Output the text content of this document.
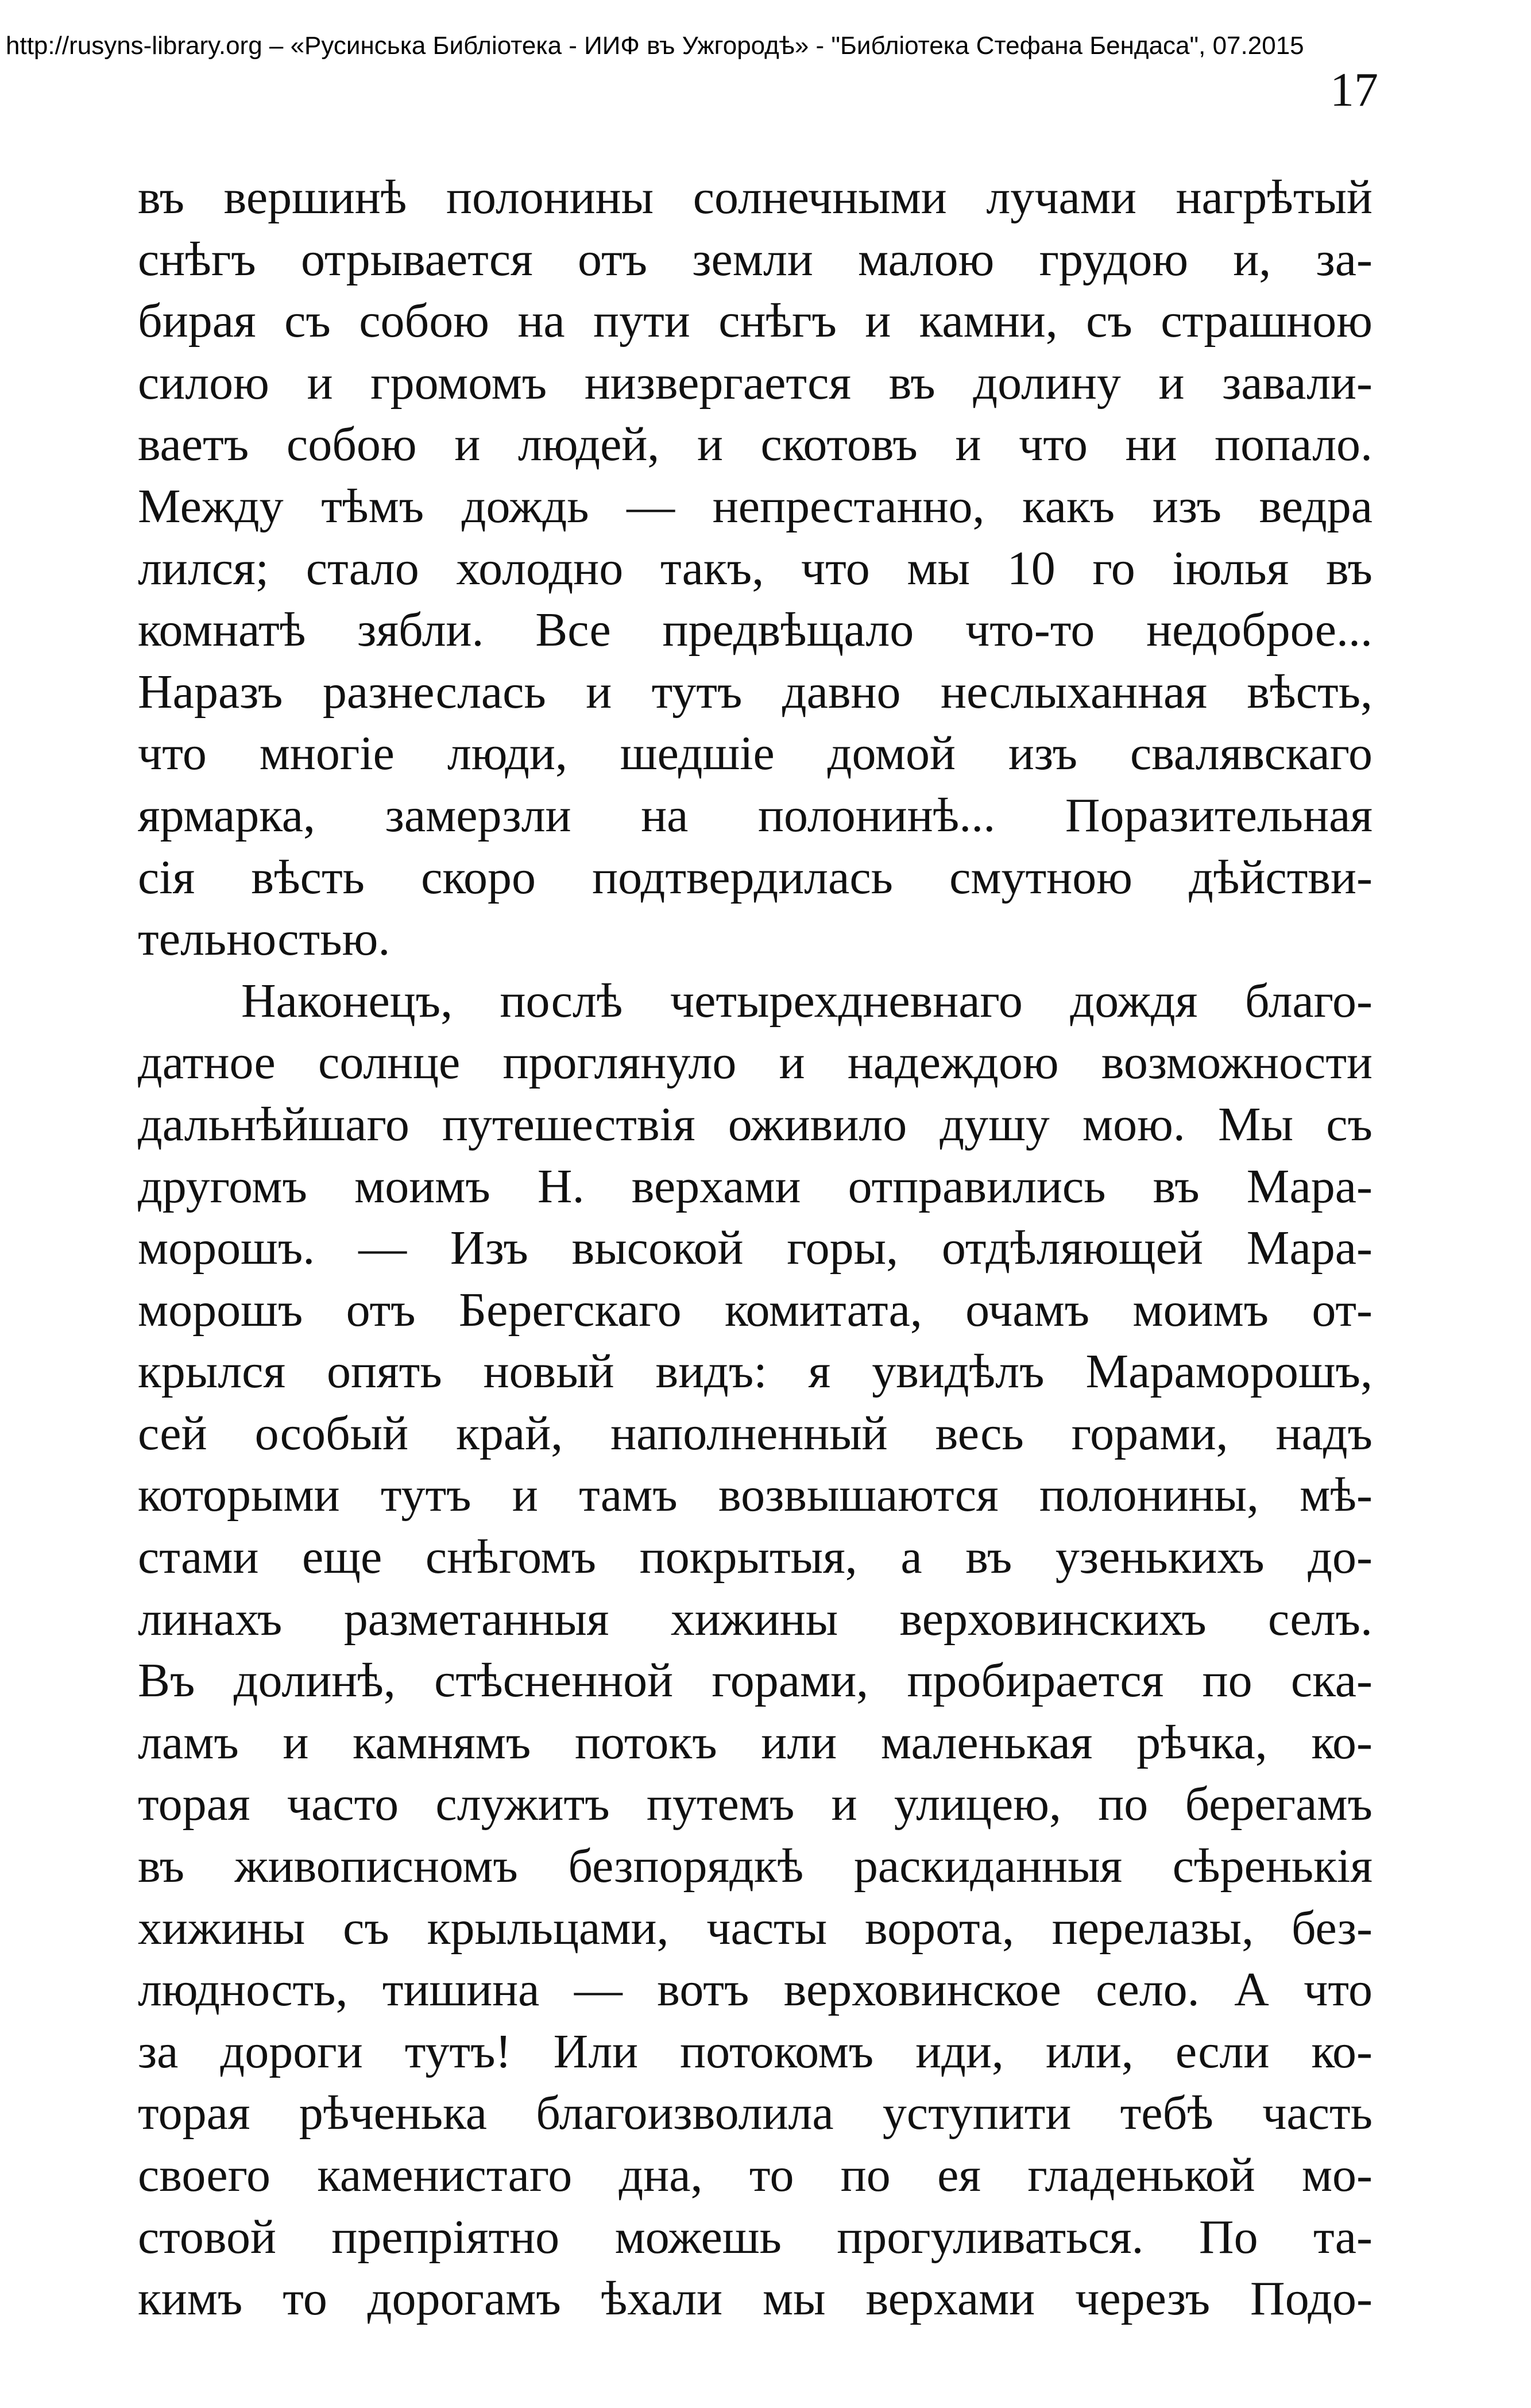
http://rusyns-library.org – «Русинська Библіотека - ИИФ въ Ужгородѣ» - "Библіотека Стефана Бендаса", 07.2015
17
въ вершинѣ полонины солнечными лучами нагрѣтый
снѣгъ отрывается отъ земли малою грудою и, за-
бирая съ собою на пути снѣгъ и камни, съ страшною
силою и громомъ низвергается въ долину и завали-
ваетъ собою и людей, и скотовъ и что ни попало.
Между тѣмъ дождь — непрестанно, какъ изъ ведра
лился; стало холодно такъ, что мы 10 го іюлья въ
комнатѣ зябли. Все предвѣщало что-то недоброе...
Наразъ разнеслась и тутъ давно неслыханная вѣсть,
что многіе люди, шедшіе домой изъ свалявскаго
ярмарка, замерзли на полонинѣ... Поразительная
сія вѣсть скоро подтвердилась смутною дѣйстви-
тельностью.
Наконецъ, послѣ четырехдневнаго дождя благо-
датное солнце проглянуло и надеждою возможности
дальнѣйшаго путешествія оживило душу мою. Мы съ
другомъ моимъ Н. верхами отправились въ Мара-
морошъ. — Изъ высокой горы, отдѣляющей Мара-
морошъ отъ Берегскаго комитата, очамъ моимъ от-
крылся опять новый видъ: я увидѣлъ Мараморошъ,
сей особый край, наполненный весь горами, надъ
которыми тутъ и тамъ возвышаются полонины, мѣ-
стами еще снѣгомъ покрытыя, а въ узенькихъ до-
линахъ разметанныя хижины верховинскихъ селъ.
Въ долинѣ, стѣсненной горами, пробирается по ска-
ламъ и камнямъ потокъ или маленькая рѣчка, ко-
торая часто служитъ путемъ и улицею, по берегамъ
въ живописномъ безпорядкѣ раскиданныя сѣренькія
хижины съ крыльцами, часты ворота, перелазы, без-
людность, тишина — вотъ верховинское село. А что
за дороги тутъ! Или потокомъ иди, или, если ко-
торая рѣченька благоизволила уступити тебѣ часть
своего каменистаго дна, то по ея гладенькой мо-
стовой препріятно можешь прогуливаться. По та-
кимъ то дорогамъ ѣхали мы верхами черезъ Подо-
